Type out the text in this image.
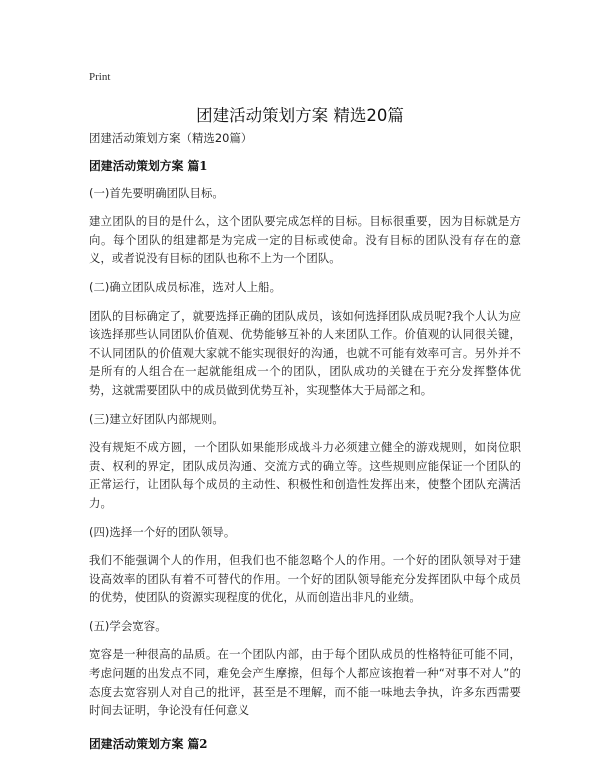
Print
团建活动策划方案 精选20篇

团建活动策划方案（精选20篇）

团建活动策划方案 篇1

(一)首先要明确团队目标。

建立团队的目的是什么，这个团队要完成怎样的目标。目标很重要，因为目标就是方向。每个团队的组建都是为完成一定的目标或使命。没有目标的团队没有存在的意义，或者说没有目标的团队也称不上为一个团队。

(二)确立团队成员标准，选对人上船。

团队的目标确定了，就要选择正确的团队成员，该如何选择团队成员呢?我个人认为应该选择那些认同团队价值观、优势能够互补的人来团队工作。价值观的认同很关键，不认同团队的价值观大家就不能实现很好的沟通，也就不可能有效率可言。另外并不是所有的人组合在一起就能组成一个的团队，团队成功的关键在于充分发挥整体优势，这就需要团队中的成员做到优势互补，实现整体大于局部之和。

(三)建立好团队内部规则。

没有规矩不成方圆，一个团队如果能形成战斗力必须建立健全的游戏规则，如岗位职责、权利的界定，团队成员沟通、交流方式的确立等。这些规则应能保证一个团队的正常运行，让团队每个成员的主动性、积极性和创造性发挥出来，使整个团队充满活力。

(四)选择一个好的团队领导。

我们不能强调个人的作用，但我们也不能忽略个人的作用。一个好的团队领导对于建设高效率的团队有着不可替代的作用。一个好的团队领导能充分发挥团队中每个成员的优势，使团队的资源实现程度的优化，从而创造出非凡的业绩。

(五)学会宽容。

宽容是一种很高的品质。在一个团队内部，由于每个团队成员的性格特征可能不同，考虑问题的出发点不同，难免会产生摩擦，但每个人都应该抱着一种“对事不对人”的态度去宽容别人对自己的批评，甚至是不理解，而不能一味地去争执，许多东西需要时间去证明，争论没有任何意义

团建活动策划方案 篇2
